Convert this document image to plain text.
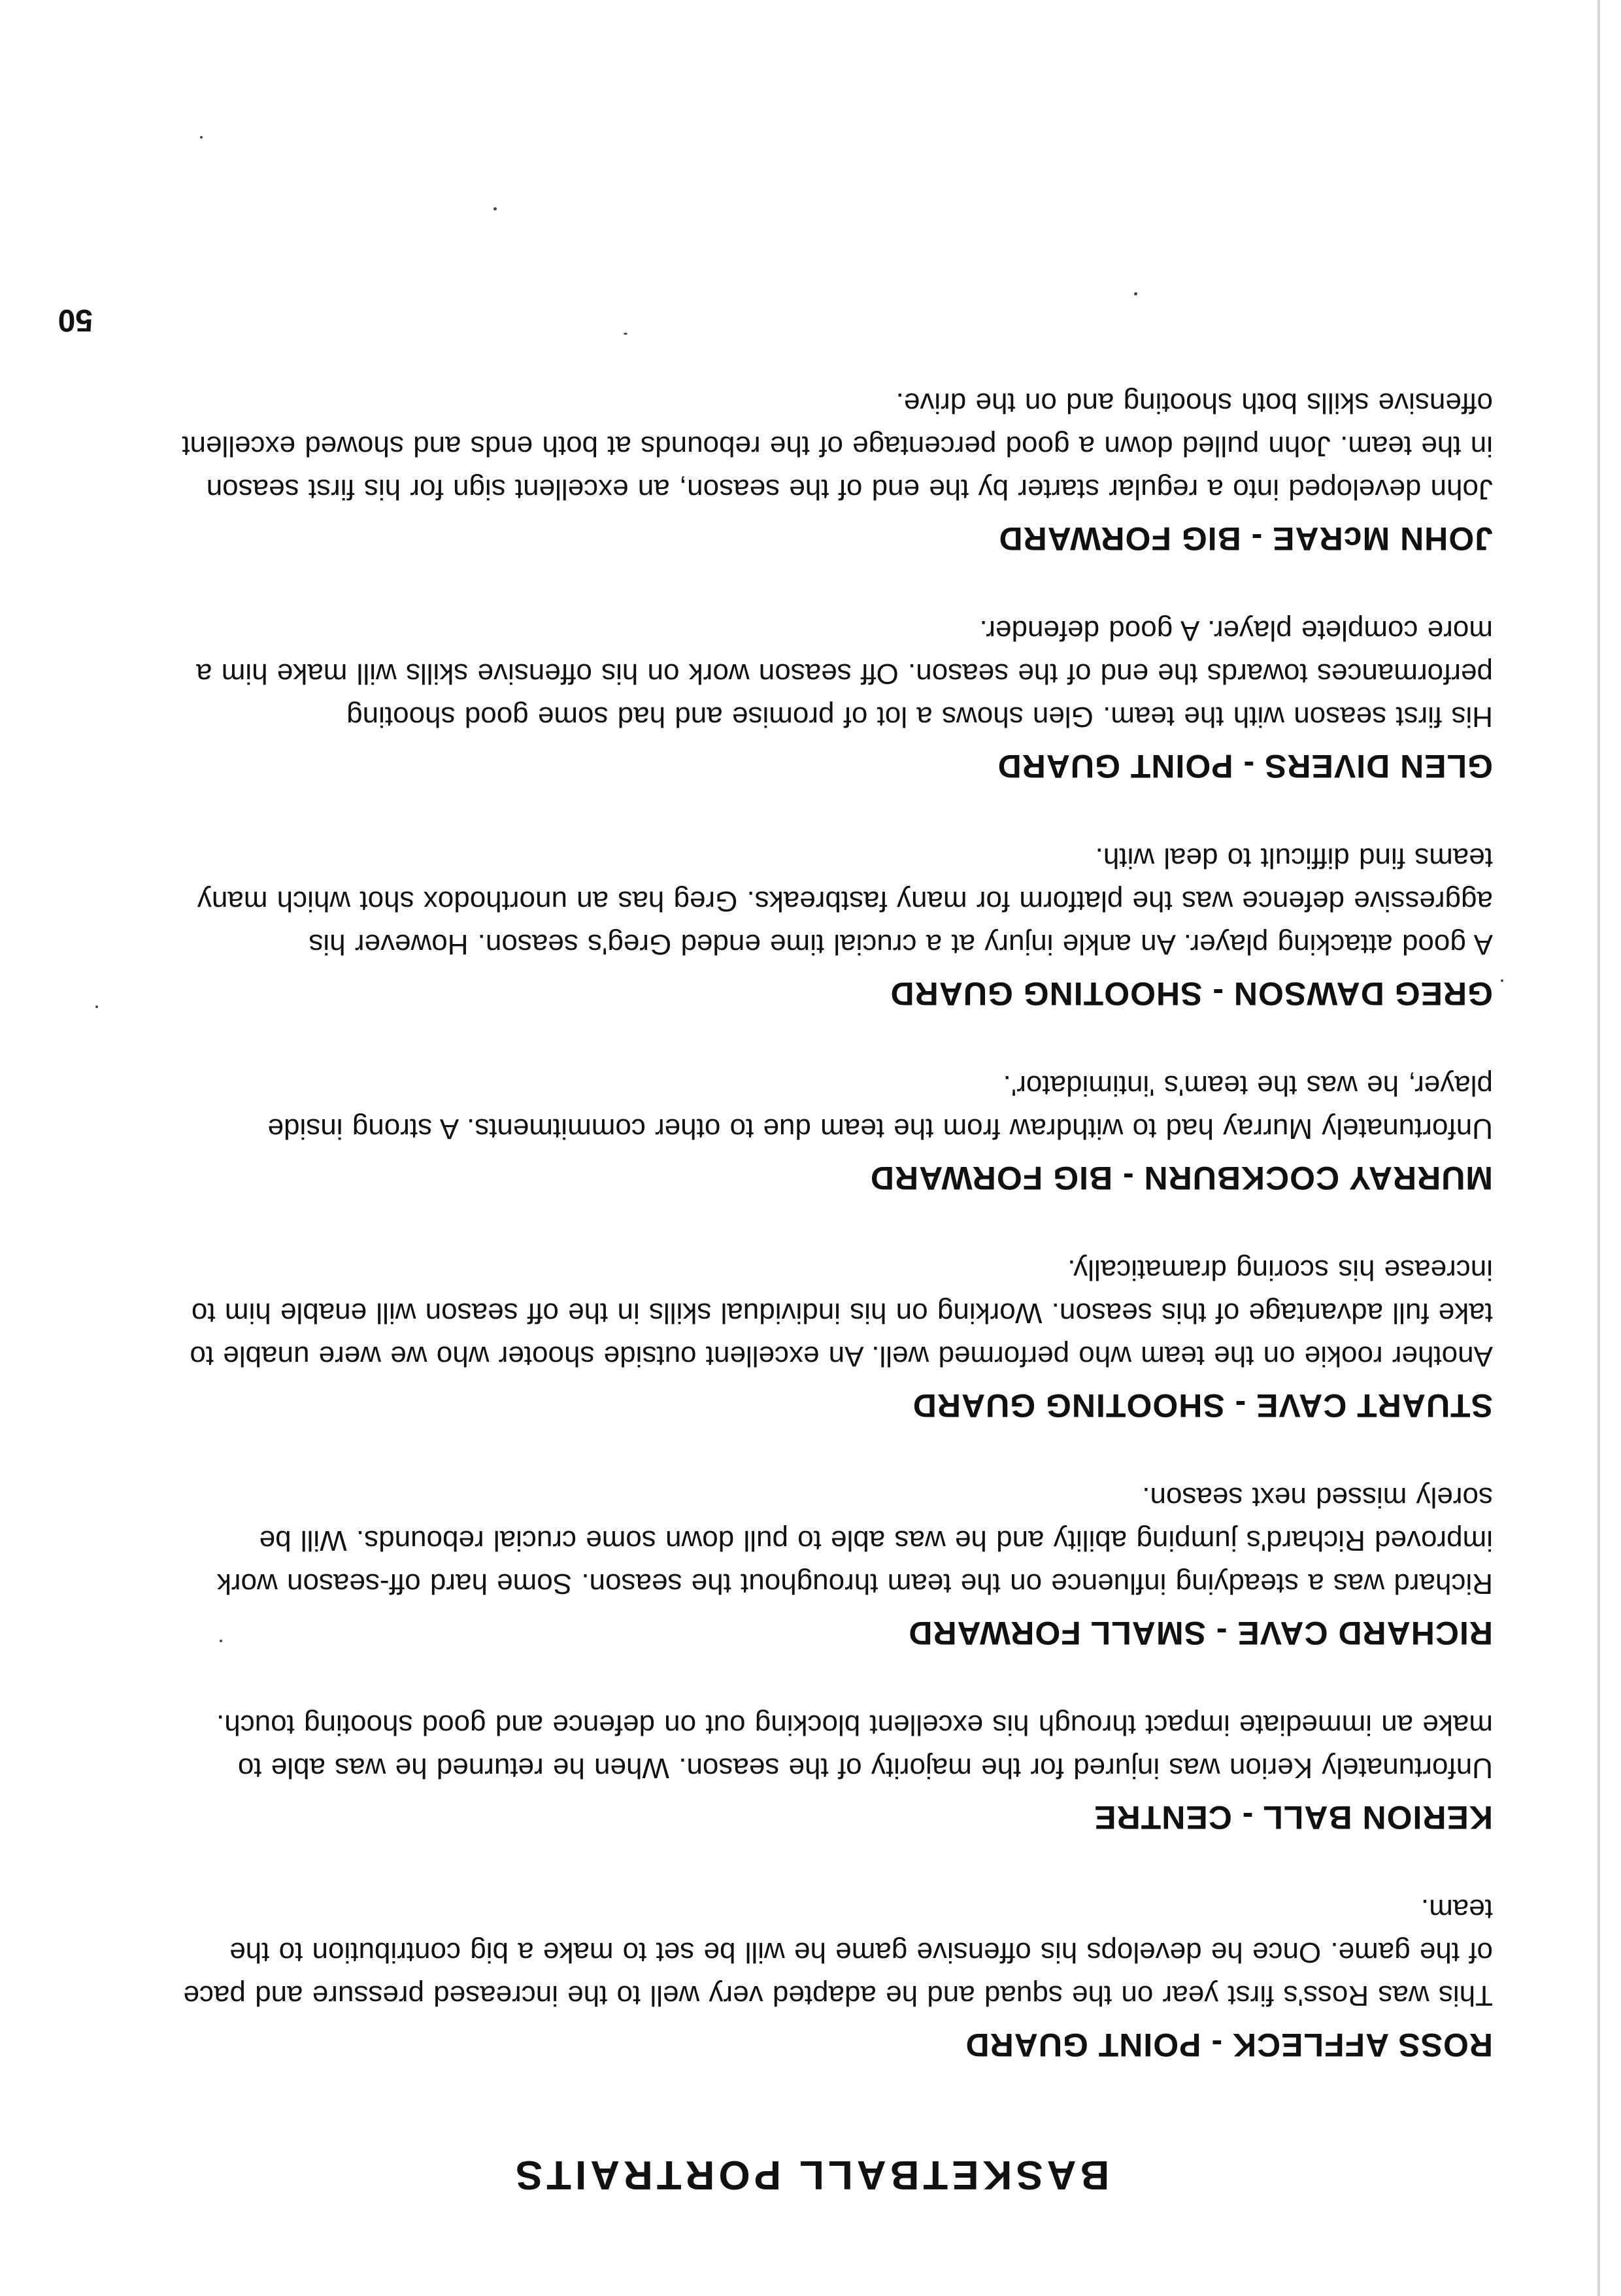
BASKETBALL PORTRAITS
ROSS AFFLECK - POINT GUARD

This was Ross's first year on the squad and he adapted very well to the increased pressure and pace of the game. Once he develops his offensive game he will be set to make a big contribution to the team.

KERION BALL - CENTRE

Unfortunately Kerion was injured for the majority of the season. When he returned he was able to make an immediate impact through his excellent blocking out on defence and good shooting touch.

RICHARD CAVE - SMALL FORWARD

Richard was a steadying influence on the team throughout the season. Some hard off-season work improved Richard's jumping ability and he was able to pull down some crucial rebounds. Will be sorely missed next season.

STUART CAVE - SHOOTING GUARD

Another rookie on the team who performed well. An excellent outside shooter who we were unable to take full advantage of this season. Working on his individual skills in the off season will enable him to increase his scoring dramatically.

MURRAY COCKBURN - BIG FORWARD

Unfortunately Murray had to withdraw from the team due to other commitments. A strong inside player, he was the team's 'intimidator'.

GREG DAWSON - SHOOTING GUARD

A good attacking player. An ankle injury at a crucial time ended Greg's season. However his aggressive defence was the platform for many fastbreaks. Greg has an unorthodox shot which many teams find difficult to deal with.

GLEN DIVERS - POINT GUARD

His first season with the team. Glen shows a lot of promise and had some good shooting performances towards the end of the season. Off season work on his offensive skills will make him a more complete player. A good defender.

JOHN McRAE - BIG FORWARD

John developed into a regular starter by the end of the season, an excellent sign for his first season in the team. John pulled down a good percentage of the rebounds at both ends and showed excellent offensive skills both shooting and on the drive.

50
